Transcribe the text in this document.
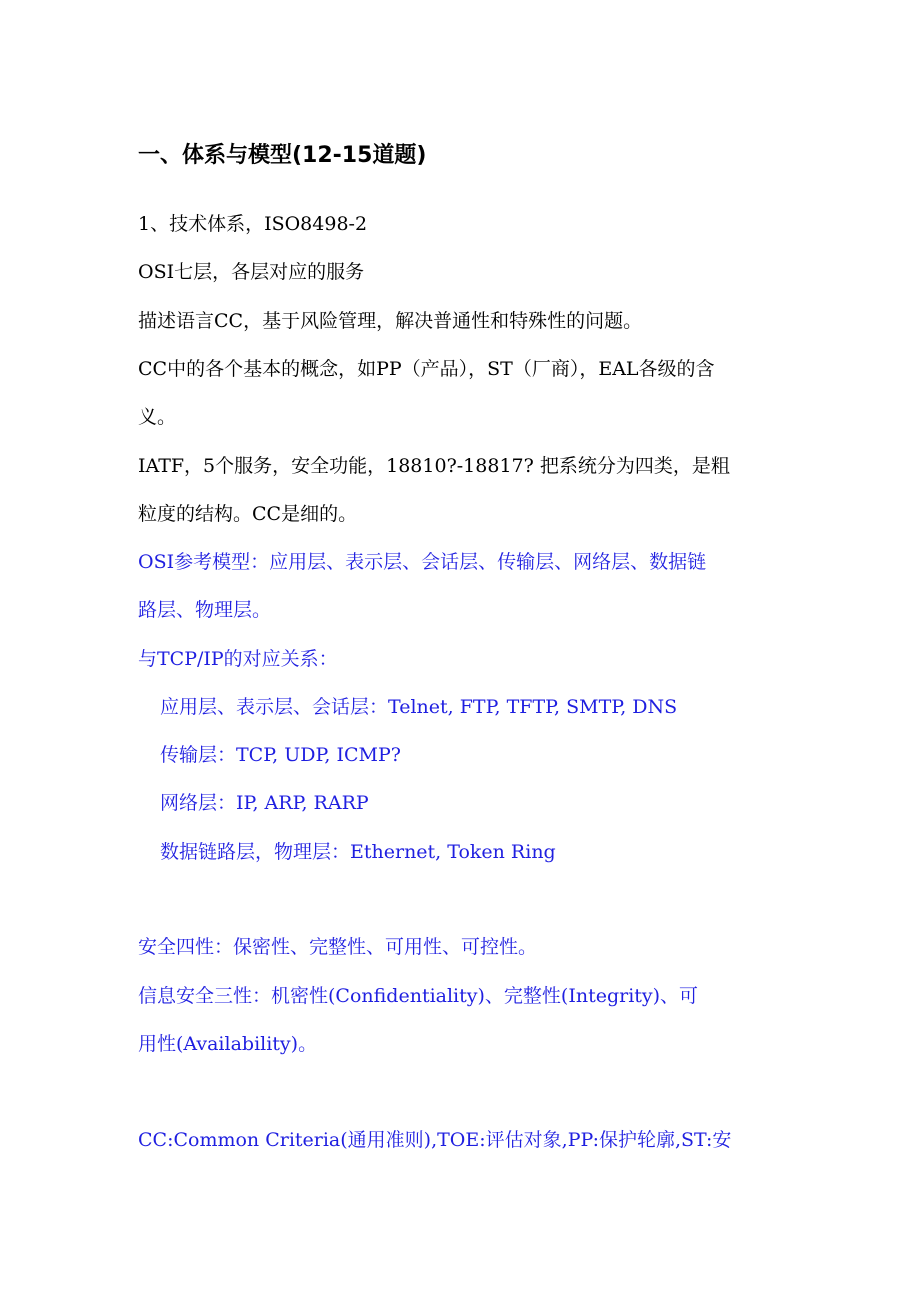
一、体系与模型(12-15道题)
1、技术体系，ISO8498-2
OSI七层，各层对应的服务
描述语言CC，基于风险管理，解决普通性和特殊性的问题。
CC中的各个基本的概念，如PP（产品），ST（厂商），EAL各级的含
义。
IATF，5个服务，安全功能，18810?-18817? 把系统分为四类，是粗
粒度的结构。CC是细的。
OSI参考模型：应用层、表示层、会话层、传输层、网络层、数据链
路层、物理层。
与TCP/IP的对应关系：
应用层、表示层、会话层：Telnet, FTP, TFTP, SMTP, DNS
传输层：TCP, UDP, ICMP?
网络层：IP, ARP, RARP
数据链路层，物理层：Ethernet, Token Ring
安全四性：保密性、完整性、可用性、可控性。
信息安全三性：机密性(Confidentiality)、完整性(Integrity)、可
用性(Availability)。
CC:Common Criteria(通用准则),TOE:评估对象,PP:保护轮廓,ST:安
